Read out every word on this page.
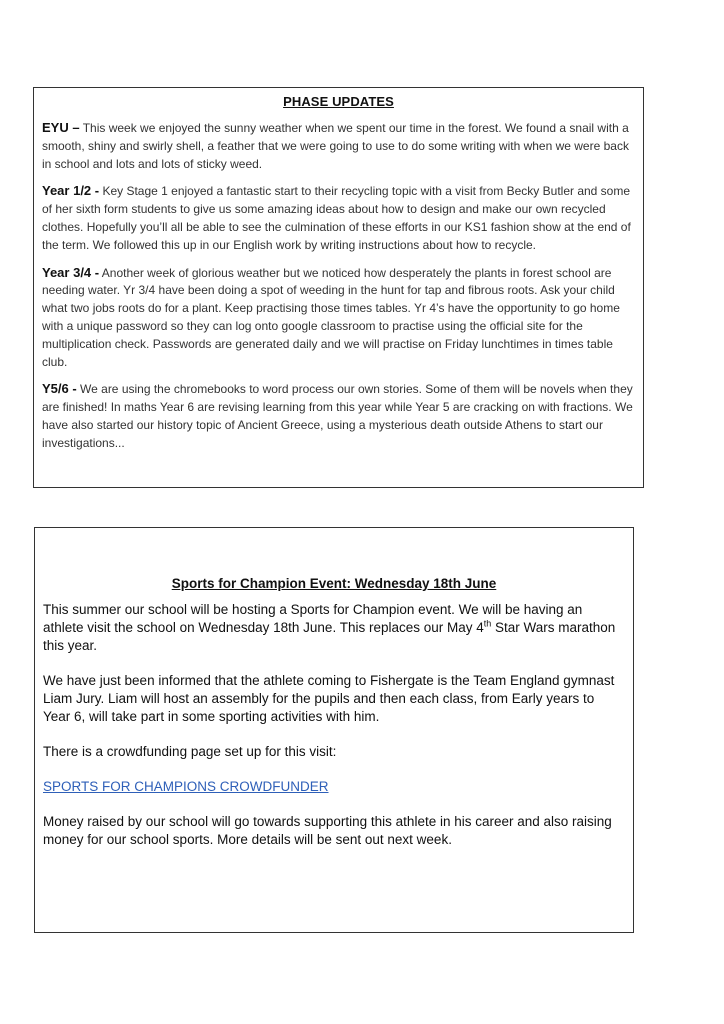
PHASE UPDATES

EYU – This week we enjoyed the sunny weather when we spent our time in the forest. We found a snail with a smooth, shiny and swirly shell, a feather that we were going to use to do some writing with when we were back in school and lots and lots of sticky weed.

Year 1/2 - Key Stage 1 enjoyed a fantastic start to their recycling topic with a visit from Becky Butler and some of her sixth form students to give us some amazing ideas about how to design and make our own recycled clothes. Hopefully you’ll all be able to see the culmination of these efforts in our KS1 fashion show at the end of the term. We followed this up in our English work by writing instructions about how to recycle.

Year 3/4 - Another week of glorious weather but we noticed how desperately the plants in forest school are needing water. Yr 3/4 have been doing a spot of weeding in the hunt for tap and fibrous roots. Ask your child what two jobs roots do for a plant. Keep practising those times tables. Yr 4’s have the opportunity to go home with a unique password so they can log onto google classroom to practise using the official site for the multiplication check. Passwords are generated daily and we will practise on Friday lunchtimes in times table club.

Y5/6 - We are using the chromebooks to word process our own stories. Some of them will be novels when they are finished! In maths Year 6 are revising learning from this year while Year 5 are cracking on with fractions. We have also started our history topic of Ancient Greece, using a mysterious death outside Athens to start our investigations...

Sports for Champion Event: Wednesday 18th June

This summer our school will be hosting a Sports for Champion event. We will be having an athlete visit the school on Wednesday 18th June. This replaces our May 4th Star Wars marathon this year.

We have just been informed that the athlete coming to Fishergate is the Team England gymnast Liam Jury. Liam will host an assembly for the pupils and then each class, from Early years to Year 6, will take part in some sporting activities with him.

There is a crowdfunding page set up for this visit:

SPORTS FOR CHAMPIONS CROWDFUNDER

Money raised by our school will go towards supporting this athlete in his career and also raising money for our school sports. More details will be sent out next week.
